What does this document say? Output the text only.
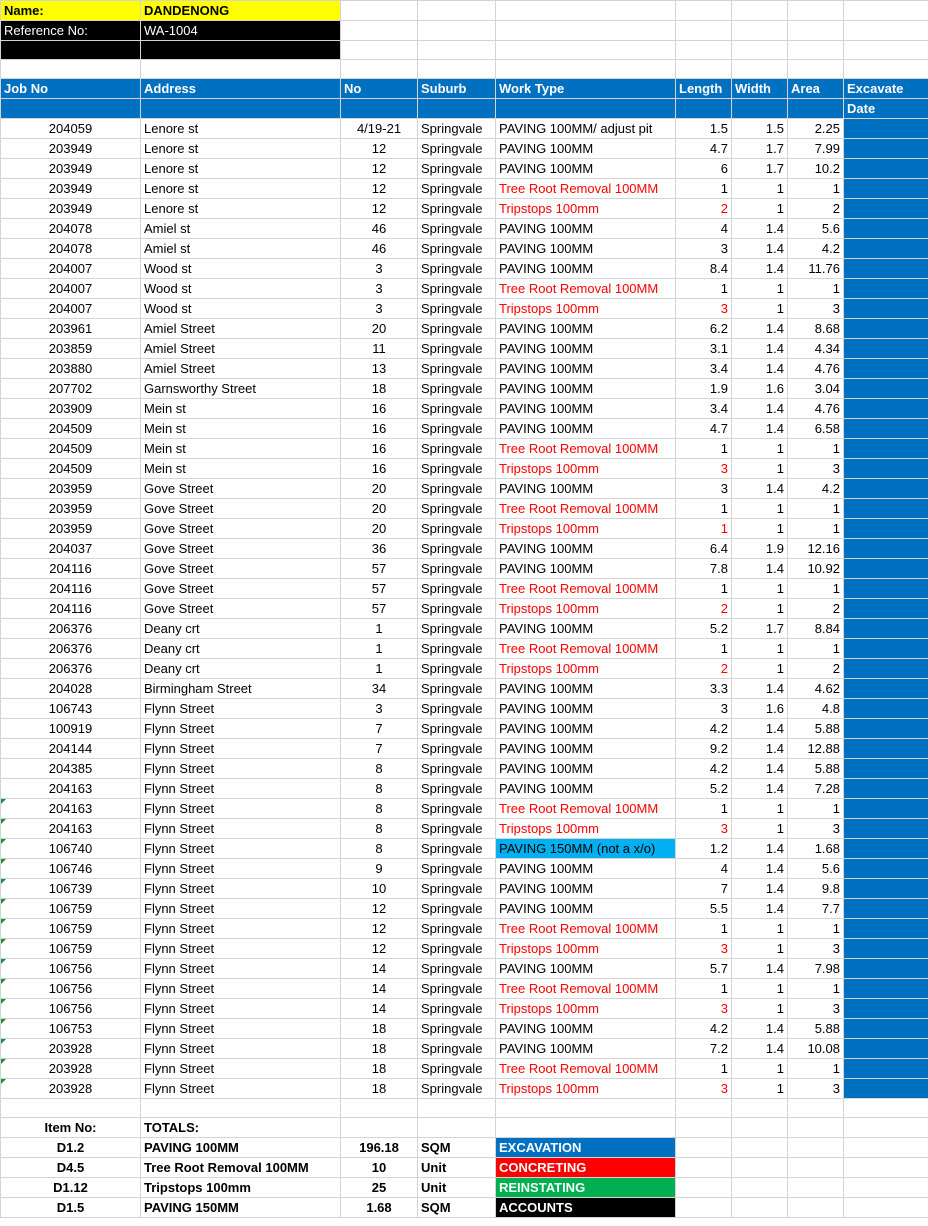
Name:	DANDENONG							
Reference No:	WA-1004							

Job No	Address	No	Suburb	Work Type	Length	Width	Area	Excavate
								Date
204059	Lenore st	4/19-21	Springvale	PAVING 100MM/ adjust pit	1.5	1.5	2.25	
203949	Lenore st	12	Springvale	PAVING 100MM	4.7	1.7	7.99	
203949	Lenore st	12	Springvale	PAVING 100MM	6	1.7	10.2	
203949	Lenore st	12	Springvale	Tree Root Removal 100MM	1	1	1	
203949	Lenore st	12	Springvale	Tripstops 100mm	2	1	2	
204078	Amiel st	46	Springvale	PAVING 100MM	4	1.4	5.6	
204078	Amiel st	46	Springvale	PAVING 100MM	3	1.4	4.2	
204007	Wood st	3	Springvale	PAVING 100MM	8.4	1.4	11.76	
204007	Wood st	3	Springvale	Tree Root Removal 100MM	1	1	1	
204007	Wood st	3	Springvale	Tripstops 100mm	3	1	3	
203961	Amiel Street	20	Springvale	PAVING 100MM	6.2	1.4	8.68	
203859	Amiel Street	11	Springvale	PAVING 100MM	3.1	1.4	4.34	
203880	Amiel Street	13	Springvale	PAVING 100MM	3.4	1.4	4.76	
207702	Garnsworthy Street	18	Springvale	PAVING 100MM	1.9	1.6	3.04	
203909	Mein st	16	Springvale	PAVING 100MM	3.4	1.4	4.76	
204509	Mein st	16	Springvale	PAVING 100MM	4.7	1.4	6.58	
204509	Mein st	16	Springvale	Tree Root Removal 100MM	1	1	1	
204509	Mein st	16	Springvale	Tripstops 100mm	3	1	3	
203959	Gove Street	20	Springvale	PAVING 100MM	3	1.4	4.2	
203959	Gove Street	20	Springvale	Tree Root Removal 100MM	1	1	1	
203959	Gove Street	20	Springvale	Tripstops 100mm	1	1	1	
204037	Gove Street	36	Springvale	PAVING 100MM	6.4	1.9	12.16	
204116	Gove Street	57	Springvale	PAVING 100MM	7.8	1.4	10.92	
204116	Gove Street	57	Springvale	Tree Root Removal 100MM	1	1	1	
204116	Gove Street	57	Springvale	Tripstops 100mm	2	1	2	
206376	Deany crt	1	Springvale	PAVING 100MM	5.2	1.7	8.84	
206376	Deany crt	1	Springvale	Tree Root Removal 100MM	1	1	1	
206376	Deany crt	1	Springvale	Tripstops 100mm	2	1	2	
204028	Birmingham Street	34	Springvale	PAVING 100MM	3.3	1.4	4.62	
106743	Flynn Street	3	Springvale	PAVING 100MM	3	1.6	4.8	
100919	Flynn Street	7	Springvale	PAVING 100MM	4.2	1.4	5.88	
204144	Flynn Street	7	Springvale	PAVING 100MM	9.2	1.4	12.88	
204385	Flynn Street	8	Springvale	PAVING 100MM	4.2	1.4	5.88	
204163	Flynn Street	8	Springvale	PAVING 100MM	5.2	1.4	7.28	
204163	Flynn Street	8	Springvale	Tree Root Removal 100MM	1	1	1	
204163	Flynn Street	8	Springvale	Tripstops 100mm	3	1	3	
106740	Flynn Street	8	Springvale	PAVING 150MM (not a x/o)	1.2	1.4	1.68	
106746	Flynn Street	9	Springvale	PAVING 100MM	4	1.4	5.6	
106739	Flynn Street	10	Springvale	PAVING 100MM	7	1.4	9.8	
106759	Flynn Street	12	Springvale	PAVING 100MM	5.5	1.4	7.7	
106759	Flynn Street	12	Springvale	Tree Root Removal 100MM	1	1	1	
106759	Flynn Street	12	Springvale	Tripstops 100mm	3	1	3	
106756	Flynn Street	14	Springvale	PAVING 100MM	5.7	1.4	7.98	
106756	Flynn Street	14	Springvale	Tree Root Removal 100MM	1	1	1	
106756	Flynn Street	14	Springvale	Tripstops 100mm	3	1	3	
106753	Flynn Street	18	Springvale	PAVING 100MM	4.2	1.4	5.88	
203928	Flynn Street	18	Springvale	PAVING 100MM	7.2	1.4	10.08	
203928	Flynn Street	18	Springvale	Tree Root Removal 100MM	1	1	1	
203928	Flynn Street	18	Springvale	Tripstops 100mm	3	1	3	

Item No:	TOTALS:							
D1.2	PAVING 100MM	196.18	SQM	EXCAVATION				
D4.5	Tree Root Removal 100MM	10	Unit	CONCRETING				
D1.12	Tripstops 100mm	25	Unit	REINSTATING				
D1.5	PAVING 150MM	1.68	SQM	ACCOUNTS				
